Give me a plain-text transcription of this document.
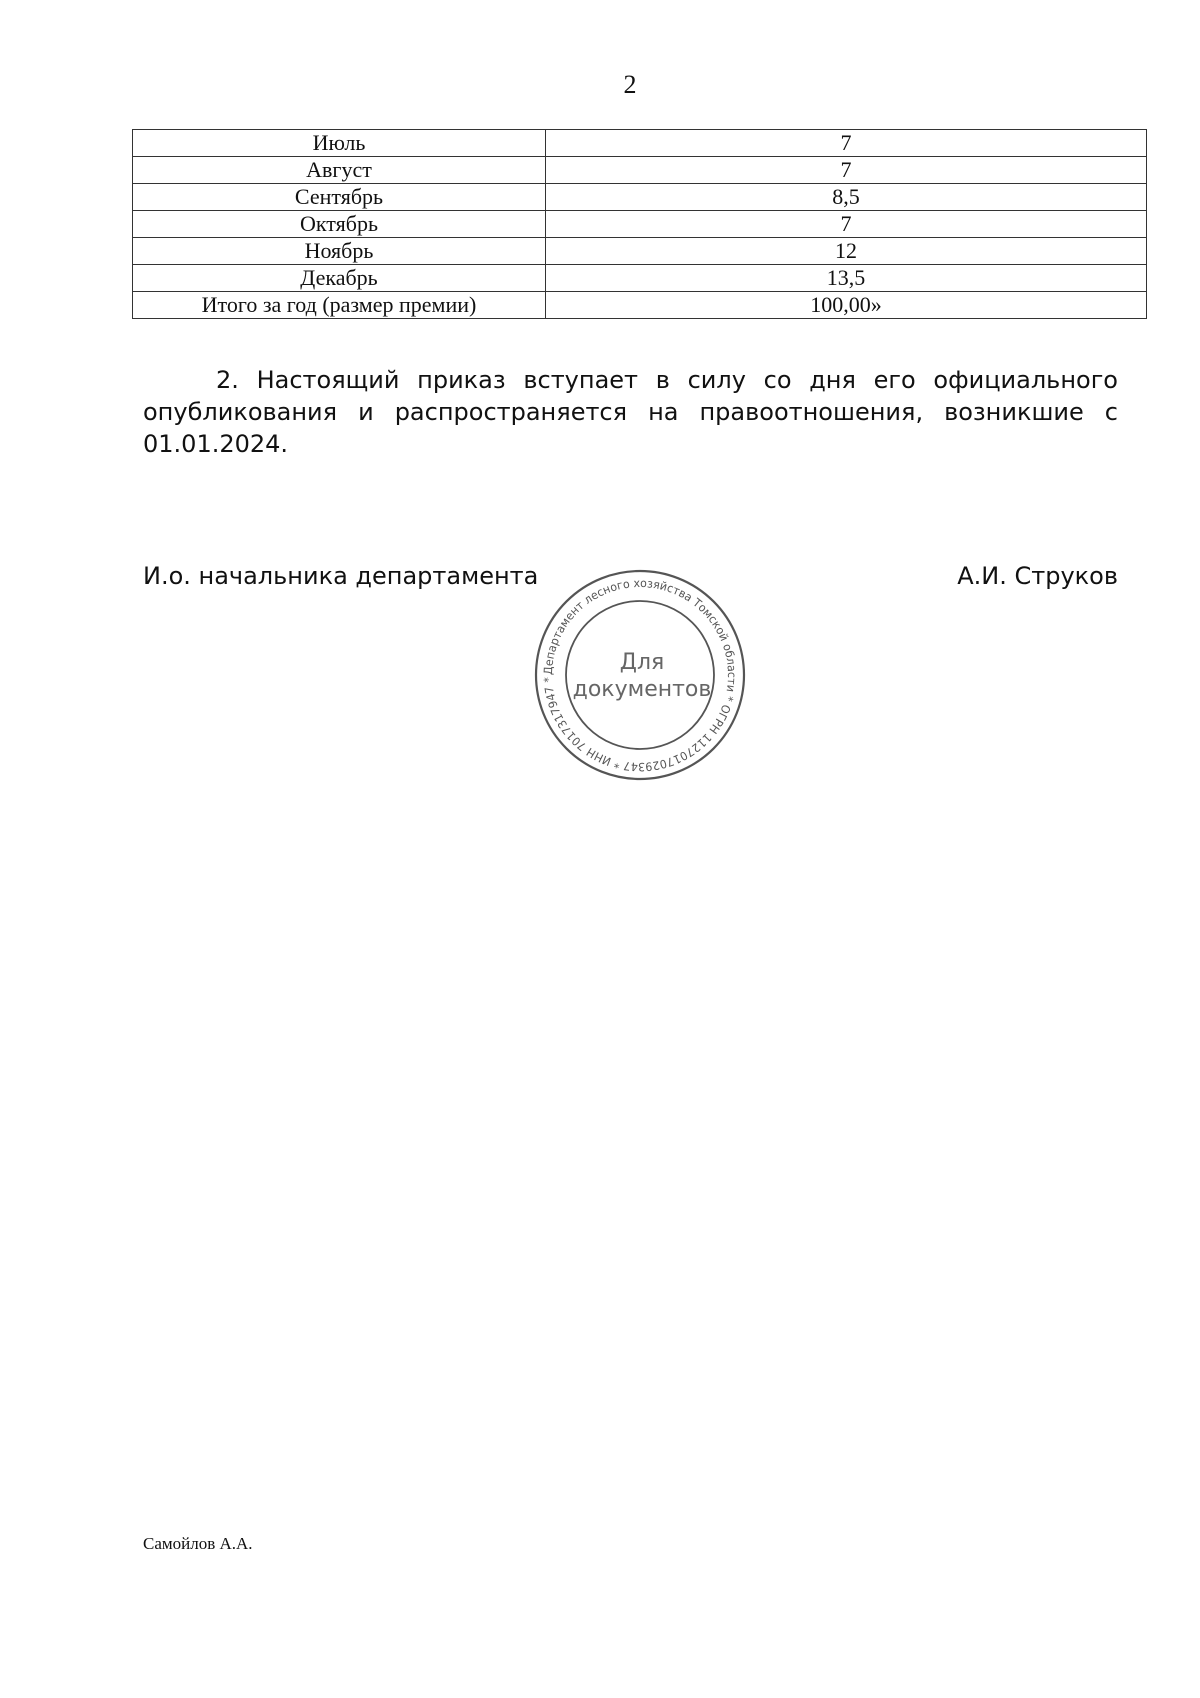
2
Июль	7
Август	7
Сентябрь	8,5
Октябрь	7
Ноябрь	12
Декабрь	13,5
Итого за год (размер премии)	100,00»

2. Настоящий приказ вступает в силу со дня его официального опубликования и распространяется на правоотношения, возникшие с 01.01.2024.

И.о. начальника департамента	А.И. Струков
Департамент лесного хозяйства Томской области * ОГРН 1127017029347 * ИНН 7017317947 *
Для
документов
Самойлов А.А.
